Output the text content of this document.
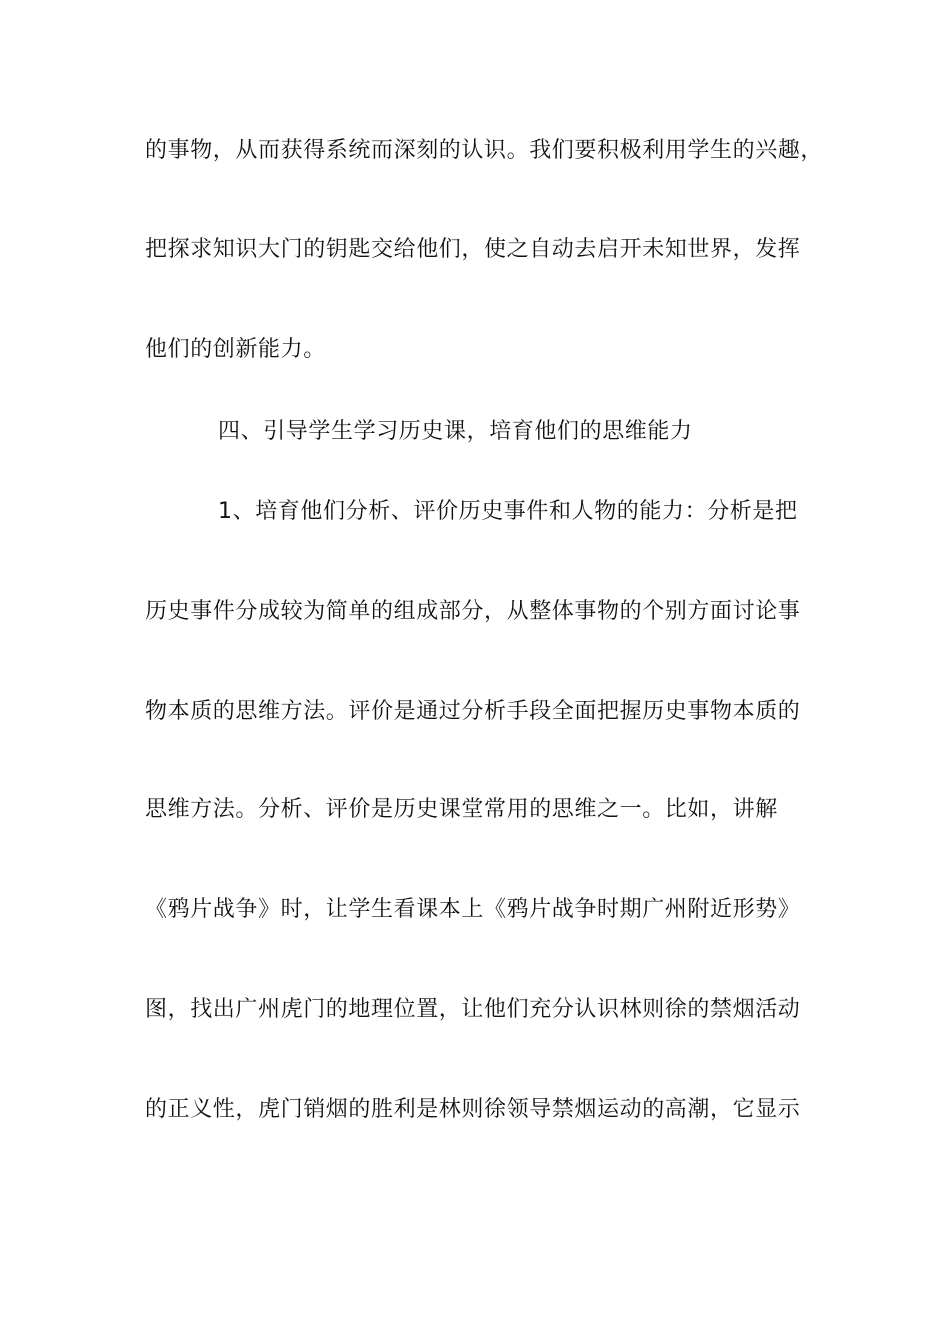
的事物，从而获得系统而深刻的认识。我们要积极利用学生的兴趣，
把探求知识大门的钥匙交给他们，使之自动去启开未知世界，发挥
他们的创新能力。
四、引导学生学习历史课，培育他们的思维能力
1、培育他们分析、评价历史事件和人物的能力：分析是把
历史事件分成较为简单的组成部分，从整体事物的个别方面讨论事
物本质的思维方法。评价是通过分析手段全面把握历史事物本质的
思维方法。分析、评价是历史课堂常用的思维之一。比如，讲解
《鸦片战争》时，让学生看课本上《鸦片战争时期广州附近形势》
图，找出广州虎门的地理位置，让他们充分认识林则徐的禁烟活动
的正义性，虎门销烟的胜利是林则徐领导禁烟运动的高潮，它显示
